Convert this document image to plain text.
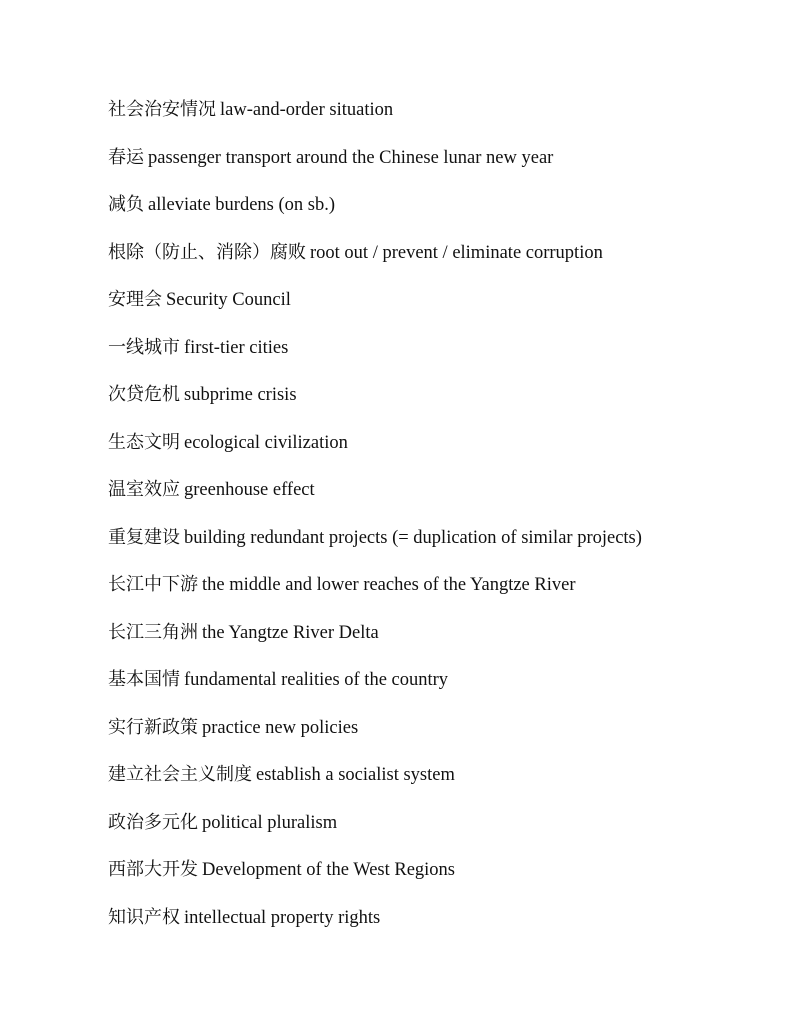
社会治安情况 law-and-order situation
春运 passenger transport around the Chinese lunar new year
减负 alleviate burdens (on sb.)
根除（防止、消除）腐败 root out / prevent / eliminate corruption
安理会 Security Council
一线城市 first-tier cities
次贷危机 subprime crisis
生态文明 ecological civilization
温室效应 greenhouse effect
重复建设 building redundant projects (= duplication of similar projects)
长江中下游 the middle and lower reaches of the Yangtze River
长江三角洲 the Yangtze River Delta
基本国情 fundamental realities of the country
实行新政策 practice new policies
建立社会主义制度 establish a socialist system
政治多元化 political pluralism
西部大开发 Development of the West Regions
知识产权 intellectual property rights
